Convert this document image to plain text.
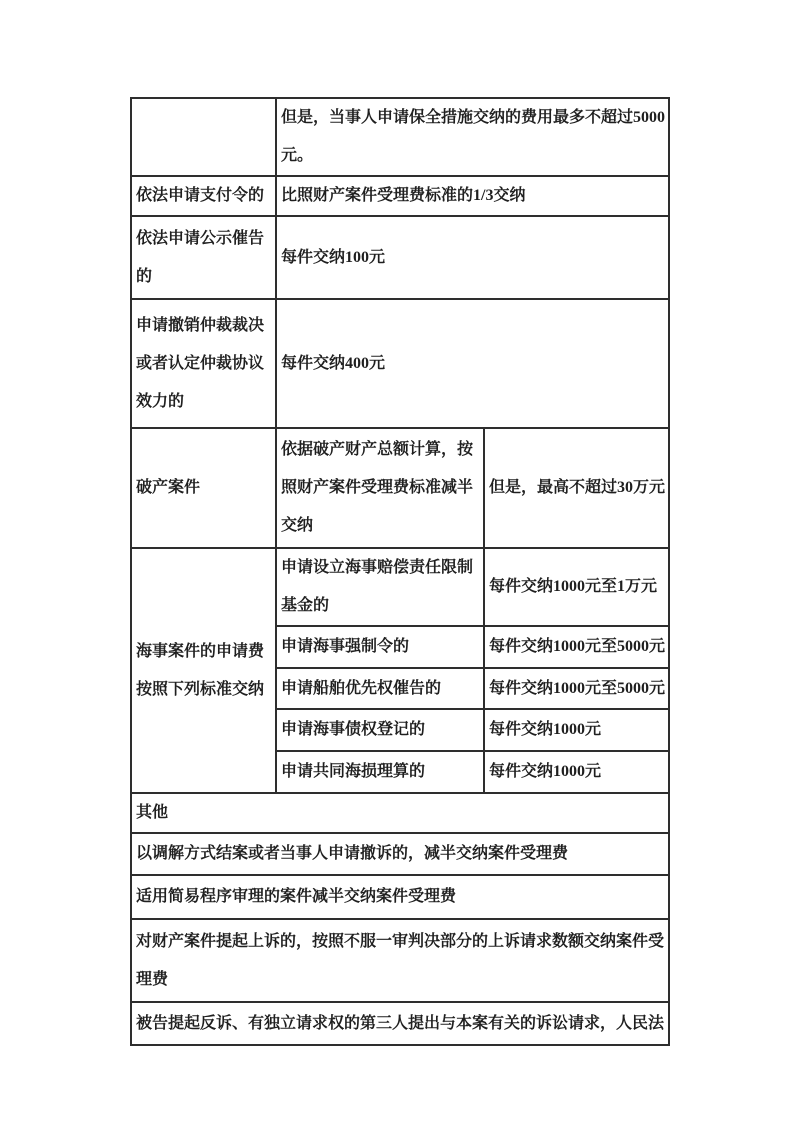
	但是，当事人申请保全措施交纳的费用最多不超过5000元。	
依法申请支付令的	比照财产案件受理费标准的1/3交纳	
依法申请公示催告的	每件交纳100元	
申请撤销仲裁裁决或者认定仲裁协议效力的	每件交纳400元	
破产案件	依据破产财产总额计算，按照财产案件受理费标准减半交纳	但是，最高不超过30万元
海事案件的申请费按照下列标准交纳	申请设立海事赔偿责任限制基金的	每件交纳1000元至1万元
	申请海事强制令的	每件交纳1000元至5000元
	申请船舶优先权催告的	每件交纳1000元至5000元
	申请海事债权登记的	每件交纳1000元
	申请共同海损理算的	每件交纳1000元
其他		
以调解方式结案或者当事人申请撤诉的，减半交纳案件受理费		
适用简易程序审理的案件减半交纳案件受理费		
对财产案件提起上诉的，按照不服一审判决部分的上诉请求数额交纳案件受理费		
被告提起反诉、有独立请求权的第三人提出与本案有关的诉讼请求，人民法		
